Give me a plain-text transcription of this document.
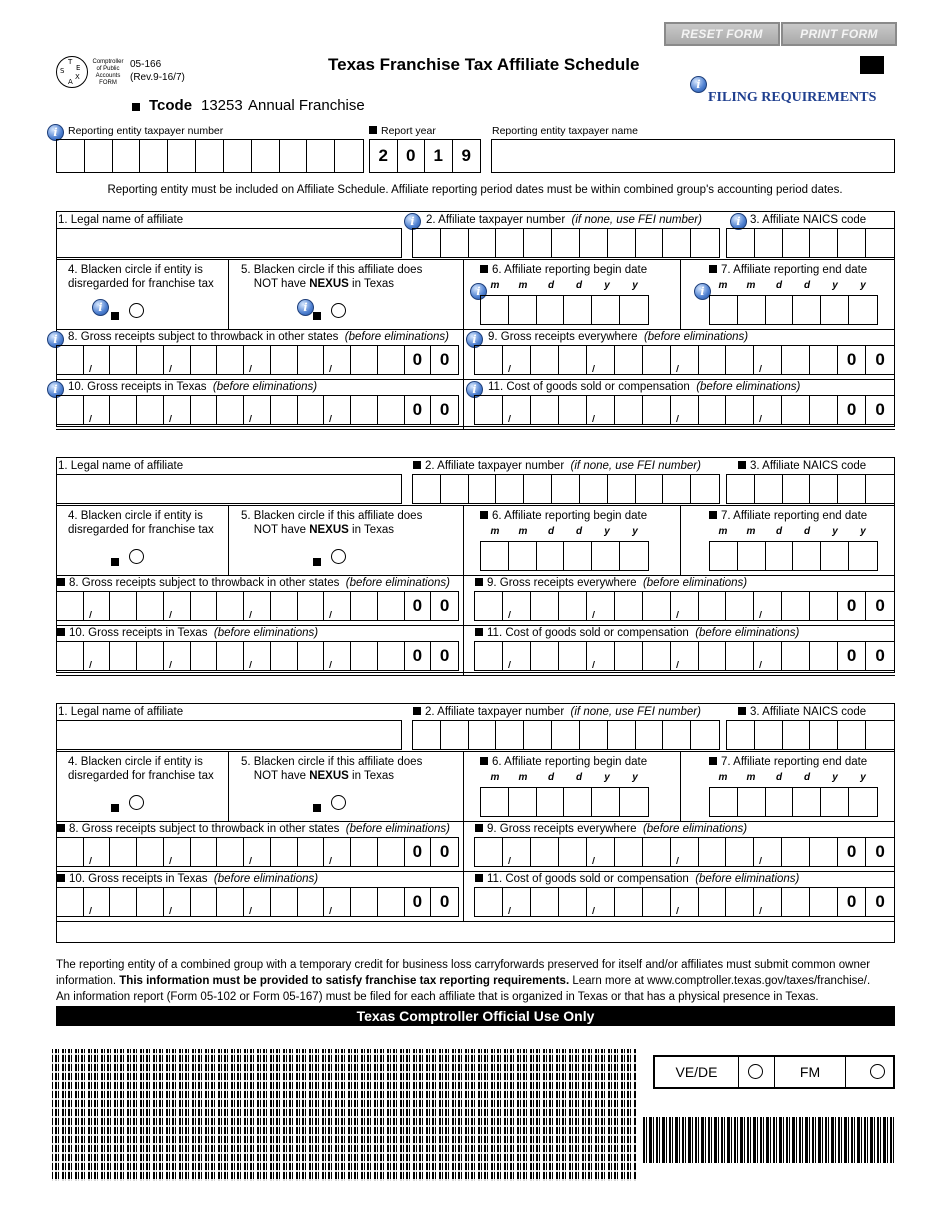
RESET FORM	PRINT FORM
T
E
X
A
S
Comptroller of Public Accounts FORM
05-166
(Rev.9-16/7)
Texas Franchise Tax Affiliate Schedule
i
FILING REQUIREMENTS
Tcode 13253 Annual Franchise
i Reporting entity taxpayer number	Report year
2	0	1	9
Reporting entity taxpayer name
Reporting entity must be included on Affiliate Schedule. Affiliate reporting period dates must be within combined group's accounting period dates.
1. Legal name of affiliate	i 2. Affiliate taxpayer number (if none, use FEI number)	i 3. Affiliate NAICS code
4. Blacken circle if entity is
disregarded for franchise tax
5. Blacken circle if this affiliate does
NOT have NEXUS in Texas
i	i
6. Affiliate reporting begin date	7. Affiliate reporting end date
i	i
m	m	d	d	y	y	m	m	d	d	y	y
i	i
8. Gross receipts subject to throwback in other states (before eliminations)	9. Gross receipts everywhere (before eliminations)
0	0	0	0
i	i
10. Gross receipts in Texas (before eliminations)	11. Cost of goods sold or compensation (before eliminations)
0	0	0	0
1. Legal name of affiliate	2. Affiliate taxpayer number (if none, use FEI number)	3. Affiliate NAICS code
4. Blacken circle if entity is
disregarded for franchise tax
5. Blacken circle if this affiliate does
NOT have NEXUS in Texas
6. Affiliate reporting begin date	7. Affiliate reporting end date
m	m	d	d	y	y	m	m	d	d	y	y
8. Gross receipts subject to throwback in other states (before eliminations)	9. Gross receipts everywhere (before eliminations)
0	0	0	0
10. Gross receipts in Texas (before eliminations)	11. Cost of goods sold or compensation (before eliminations)
0	0	0	0
1. Legal name of affiliate	2. Affiliate taxpayer number (if none, use FEI number)	3. Affiliate NAICS code
4. Blacken circle if entity is
disregarded for franchise tax
5. Blacken circle if this affiliate does
NOT have NEXUS in Texas
6. Affiliate reporting begin date	7. Affiliate reporting end date
m	m	d	d	y	y	m	m	d	d	y	y
8. Gross receipts subject to throwback in other states (before eliminations)	9. Gross receipts everywhere (before eliminations)
0	0	0	0
10. Gross receipts in Texas (before eliminations)	11. Cost of goods sold or compensation (before eliminations)
0	0	0	0
The reporting entity of a combined group with a temporary credit for business loss carryforwards preserved for itself and/or affiliates must submit common owner
information. This information must be provided to satisfy franchise tax reporting requirements. Learn more at www.comptroller.texas.gov/taxes/franchise/.
An information report (Form 05-102 or Form 05-167) must be filed for each affiliate that is organized in Texas or that has a physical presence in Texas.
Texas Comptroller Official Use Only
VE/DE	FM
